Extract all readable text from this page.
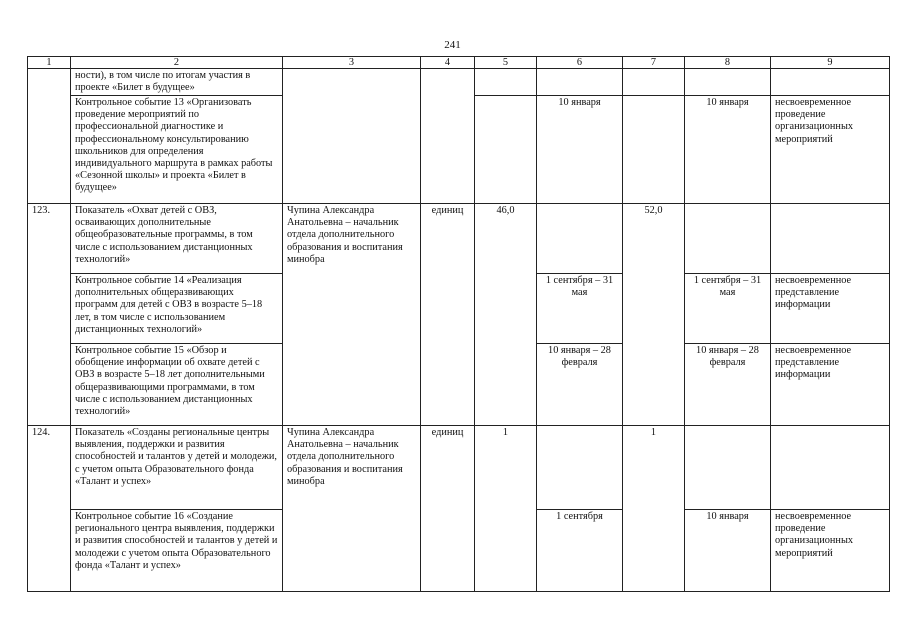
241
1	2	3	4	5	6	7	8	9
	ности), в том числе по итогам участия в проекте «Билет в будущее»							
	Контрольное событие 13 «Организовать проведение мероприятий по профессиональной диагностике и профессиональному консультированию школьников для определения индивидуального маршрута в рамках работы «Сезонной школы» и проекта «Билет в будущее»				10 января		10 января	несвоевременное проведение организационных мероприятий
123.	Показатель «Охват детей с ОВЗ, осваивающих дополнительные общеобразовательные программы, в том числе с использованием дистанционных технологий»	Чупина Александра Анатольевна – начальник отдела дополнительного образования и воспитания минобра	единиц	46,0		52,0		
	Контрольное событие 14 «Реализация дополнительных общеразвивающих программ для детей с ОВЗ в возрасте 5–18 лет, в том числе с использованием дистанционных технологий»				1 сентября – 31 мая		1 сентября – 31 мая	несвоевременное представление информации
	Контрольное событие 15 «Обзор и обобщение информации об охвате детей с ОВЗ в возрасте 5–18 лет дополнительными общеразвивающими программами, в том числе с использованием дистанционных технологий»				10 января – 28 февраля		10 января – 28 февраля	несвоевременное представление информации
124.	Показатель «Созданы региональные центры выявления, поддержки и развития способностей и талантов у детей и молодежи, с учетом опыта Образовательного фонда «Талант и успех»	Чупина Александра Анатольевна – начальник отдела дополнительного образования и воспитания минобра	единиц	1		1		
	Контрольное событие 16 «Создание регионального центра выявления, поддержки и развития способностей и талантов у детей и молодежи с учетом опыта Образовательного фонда «Талант и успех»				1 сентября		10 января	несвоевременное проведение организационных мероприятий
